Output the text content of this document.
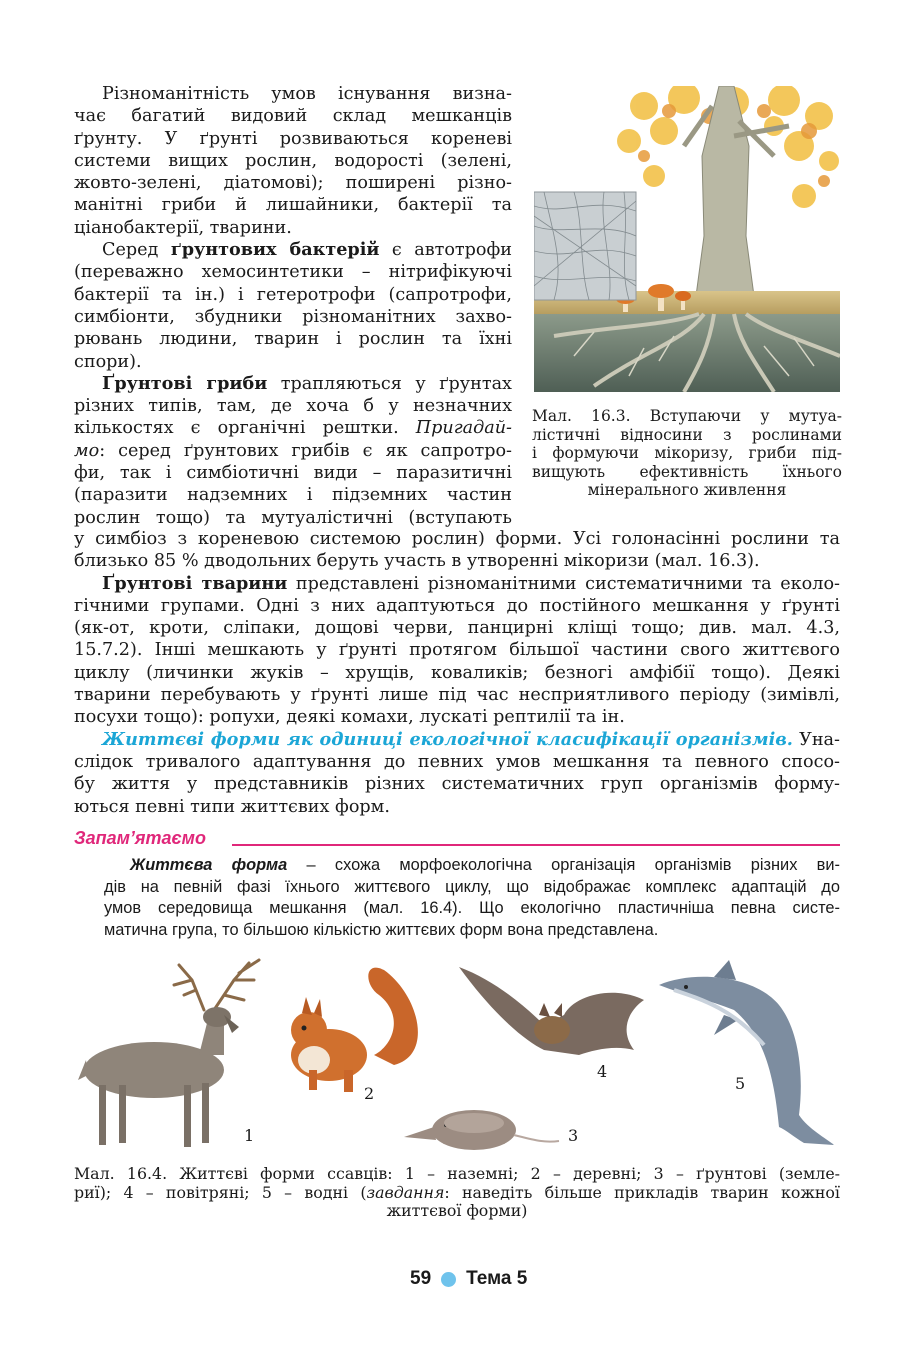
Різноманітність умов існування визна-
чає багатий видовий склад мешканців
ґрунту. У ґрунті розвиваються кореневі
системи вищих рослин, водорості (зелені,
жовто-зелені, діатомові); поширені різно-
манітні гриби й лишайники, бактерії та
ціанобактерії, тварини.
Серед ґрунтових бактерій є автотрофи
(переважно хемосинтетики – нітрифікуючі
бактерії та ін.) і гетеротрофи (сапротрофи,
симбіонти, збудники різноманітних захво-
рювань людини, тварин і рослин та їхні
спори).
Ґрунтові гриби трапляються у ґрунтах
різних типів, там, де хоча б у незначних
кількостях є органічні рештки. Пригадай-
мо: серед ґрунтових грибів є як сапротро-
фи, так і симбіотичні види – паразитичні
(паразити надземних і підземних частин
рослин тощо) та мутуалістичні (вступають
Мал. 16.3. Вступаючи у мутуа-
лістичні відносини з рослинами
і формуючи мікоризу, гриби під-
вищують ефективність їхнього
мінерального живлення
у симбіоз з кореневою системою рослин) форми. Усі голонасінні рослини та
близько 85 % дводольних беруть участь в утворенні мікоризи (мал. 16.3).
Ґрунтові тварини представлені різноманітними систематичними та еколо-
гічними групами. Одні з них адаптуються до постійного мешкання у ґрунті
(як-от, кроти, сліпаки, дощові черви, панцирні кліщі тощо; див. мал. 4.3,
15.7.2). Інші мешкають у ґрунті протягом більшої частини свого життєвого
циклу (личинки жуків – хрущів, коваликів; безногі амфібії тощо). Деякі
тварини перебувають у ґрунті лише під час несприятливого періоду (зимівлі,
посухи тощо): ропухи, деякі комахи, лускаті рептилії та ін.
Життєві форми як одиниці екологічної класифікації організмів. Уна-
слідок тривалого адаптування до певних умов мешкання та певного спосо-
бу життя у представників різних систематичних груп організмів форму-
ються певні типи життєвих форм.
Запам’ятаємо
Життєва форма – схожа морфоекологічна організація організмів різних ви-
дів на певній фазі їхнього життєвого циклу, що відображає комплекс адаптацій до
умов середовища мешкання (мал. 16.4). Що екологічно пластичніша певна систе-
матична група, то більшою кількістю життєвих форм вона представлена.
1
2
3
4
5
Мал. 16.4. Життєві форми ссавців: 1 – наземні; 2 – деревні; 3 – ґрунтові (земле-
риї); 4 – повітряні; 5 – водні (завдання: наведіть більше прикладів тварин кожної
життєвої форми)
59 Тема 5
